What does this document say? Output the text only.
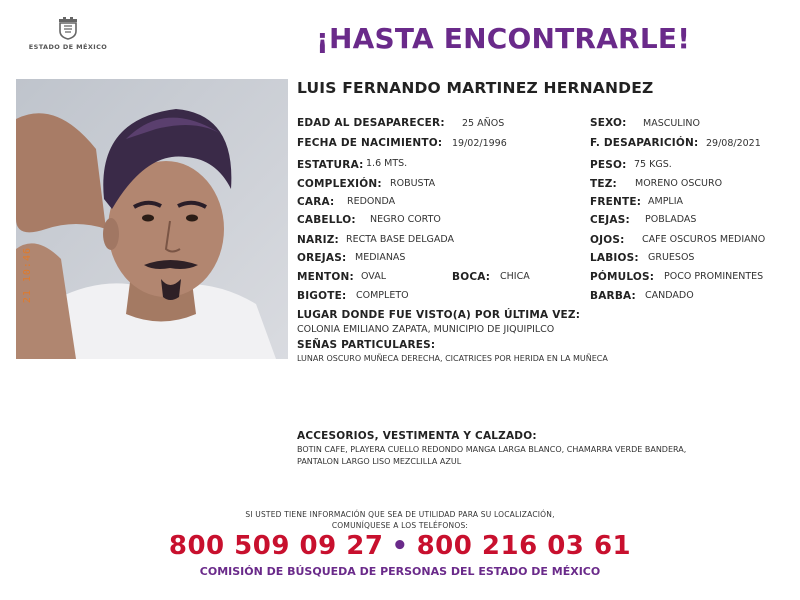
ESTADO DE MÉXICO	¡HASTA ENCONTRARLE!
21 10:46
LUIS FERNANDO MARTINEZ HERNANDEZ
EDAD AL DESAPARECER: 25 AÑOS	SEXO: MASCULINO
FECHA DE NACIMIENTO: 19/02/1996	F. DESAPARICIÓN: 29/08/2021
ESTATURA: 1.6 MTS.	PESO: 75 KGS.
COMPLEXIÓN: ROBUSTA	TEZ: MORENO OSCURO
CARA: REDONDA	FRENTE: AMPLIA
CABELLO: NEGRO CORTO	CEJAS: POBLADAS
NARIZ: RECTA BASE DELGADA	OJOS: CAFE OSCUROS MEDIANO
OREJAS: MEDIANAS	LABIOS: GRUESOS
MENTON: OVAL	BOCA: CHICA	PÓMULOS: POCO PROMINENTES
BIGOTE: COMPLETO	BARBA: CANDADO
LUGAR DONDE FUE VISTO(A) POR ÚLTIMA VEZ:
COLONIA EMILIANO ZAPATA, MUNICIPIO DE JIQUIPILCO
SEÑAS PARTICULARES:
LUNAR OSCURO MUÑECA DERECHA, CICATRICES POR HERIDA EN LA MUÑECA
ACCESORIOS, VESTIMENTA Y CALZADO:
BOTIN CAFE, PLAYERA CUELLO REDONDO MANGA LARGA BLANCO, CHAMARRA VERDE BANDERA,
PANTALON LARGO LISO MEZCLILLA AZUL
SI USTED TIENE INFORMACIÓN QUE SEA DE UTILIDAD PARA SU LOCALIZACIÓN,
COMUNÍQUESE A LOS TELÉFONOS:
800 509 09 27 • 800 216 03 61
COMISIÓN DE BÚSQUEDA DE PERSONAS DEL ESTADO DE MÉXICO
